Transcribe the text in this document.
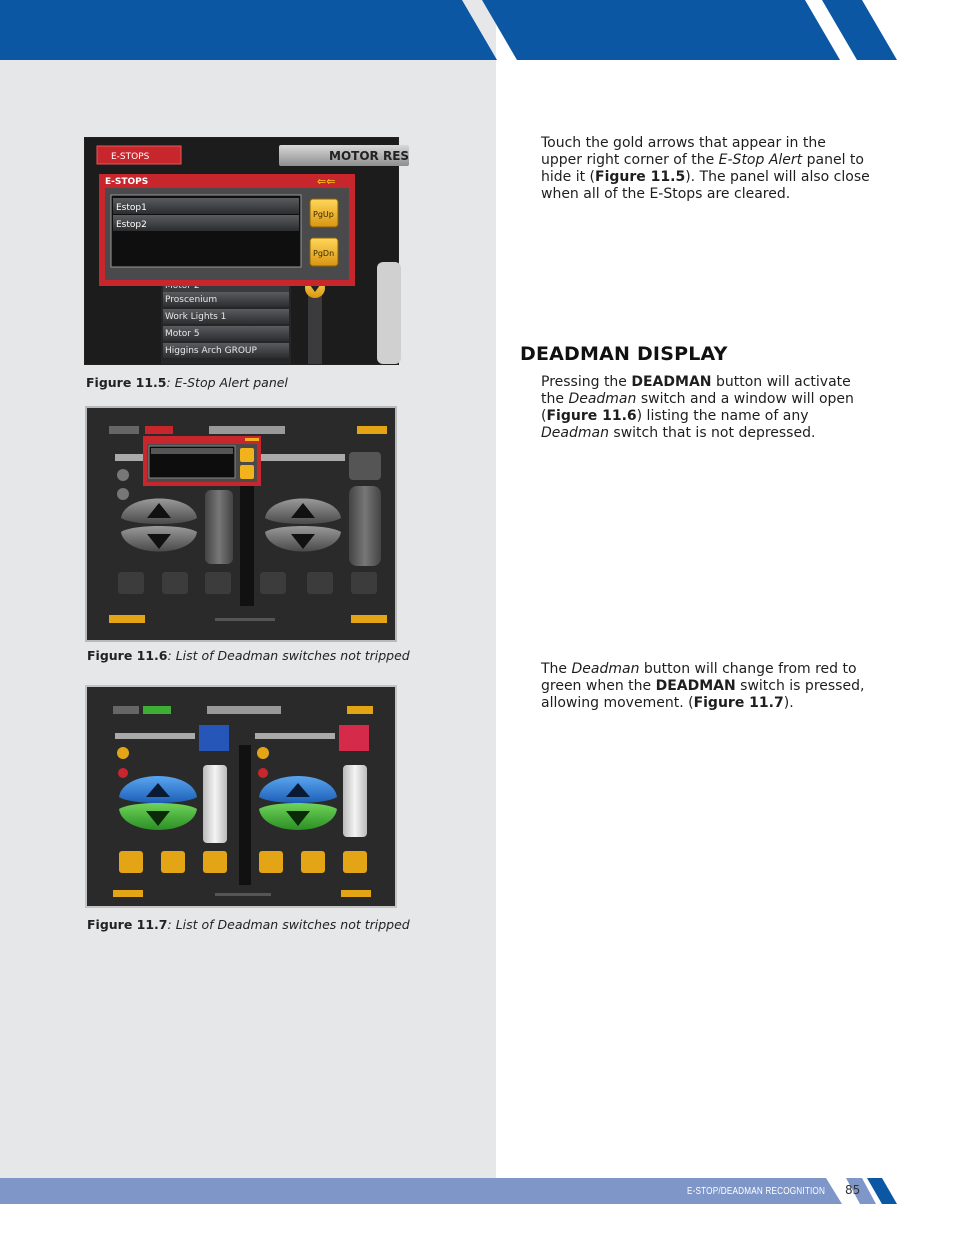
E-STOP/DEADMAN RECOGNITION 85
E-STOPS	MOTOR RES
Proscenium
Work Lights 1
Motor 5
Higgins Arch GROUP
E-STOPS	⇐⇐
Estop1
Estop2
PgUp
PgDn
Figure 11.5: E-Stop Alert panel
Figure 11.6: List of Deadman switches not tripped
Figure 11.7: List of Deadman switches not tripped

Touch the gold arrows that appear in the upper right corner of the E-Stop Alert panel to hide it (Figure 11.5). The panel will also close when all of the E-Stops are cleared.

DEADMAN DISPLAY

Pressing the DEADMAN button will activate the Deadman switch and a window will open (Figure 11.6) listing the name of any Deadman switch that is not depressed.

The Deadman button will change from red to green when the DEADMAN switch is pressed, allowing movement. (Figure 11.7).
